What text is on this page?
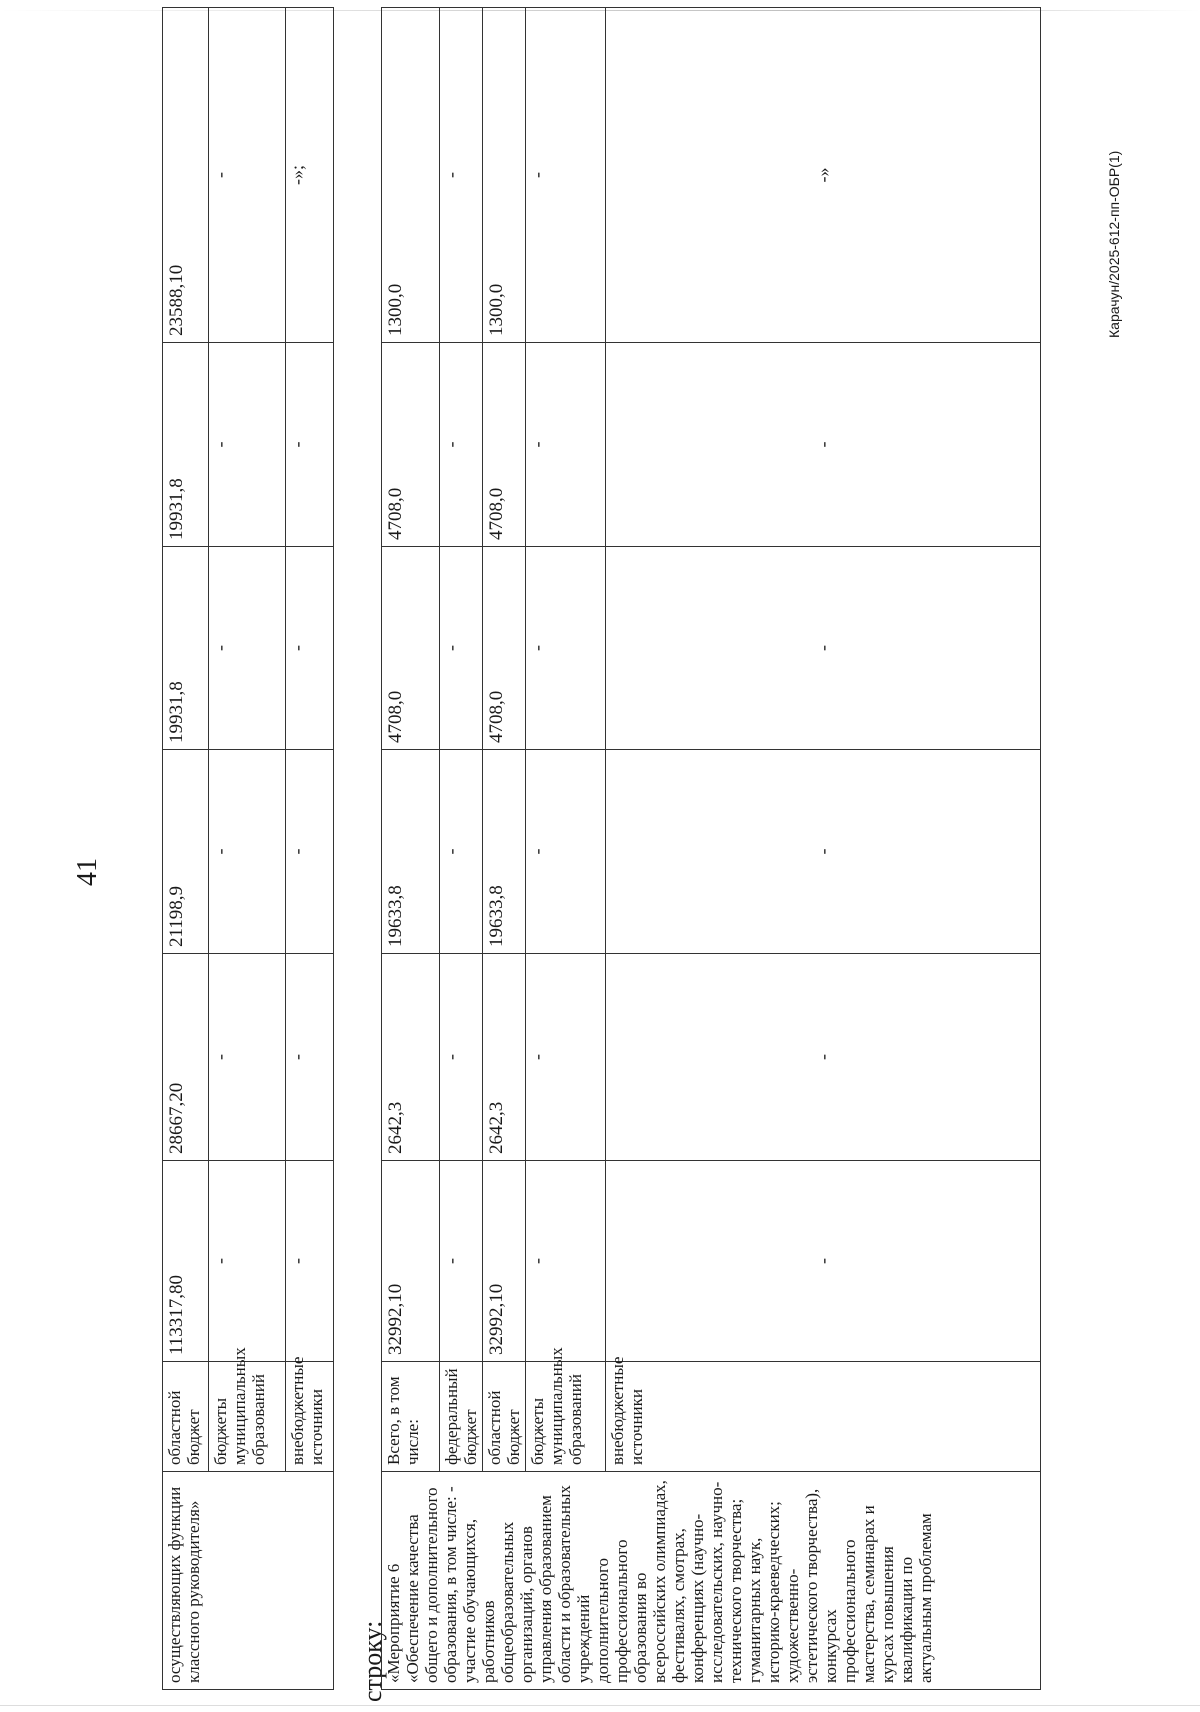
41
осуществляющих функции классного руководителя»	областной бюджет	113317,80	28667,20	21198,9	19931,8	19931,8	23588,10
	бюджеты муниципальных образований	-	-	-	-	-	-
	внебюджетные источники	-	-	-	-	-	-»;
строку:
«Мероприятие 6 «Обеспечение качества общего и дополнительного образования, в том числе: - участие обучающихся, работников общеобразовательных организаций, органов управления образованием области и образовательных учреждений дополнительного профессионального образования во всероссийских олимпиадах, фестивалях, смотрах, конференциях (научно-исследовательских, научно-технического творчества; гуманитарных наук, историко-краеведческих; художественно-эстетического творчества), конкурсах профессионального мастерства, семинарах и курсах повышения квалификации по актуальным проблемам	Всего, в том числе:	32992,10	2642,3	19633,8	4708,0	4708,0	1300,0
	федеральный бюджет	-	-	-	-	-	-
	областной бюджет	32992,10	2642,3	19633,8	4708,0	4708,0	1300,0
	бюджеты муниципальных образований	-	-	-	-	-	-
	внебюджетные источники	-	-	-	-	-	-»	Карачун/2025-612-пп-ОБР(1)
